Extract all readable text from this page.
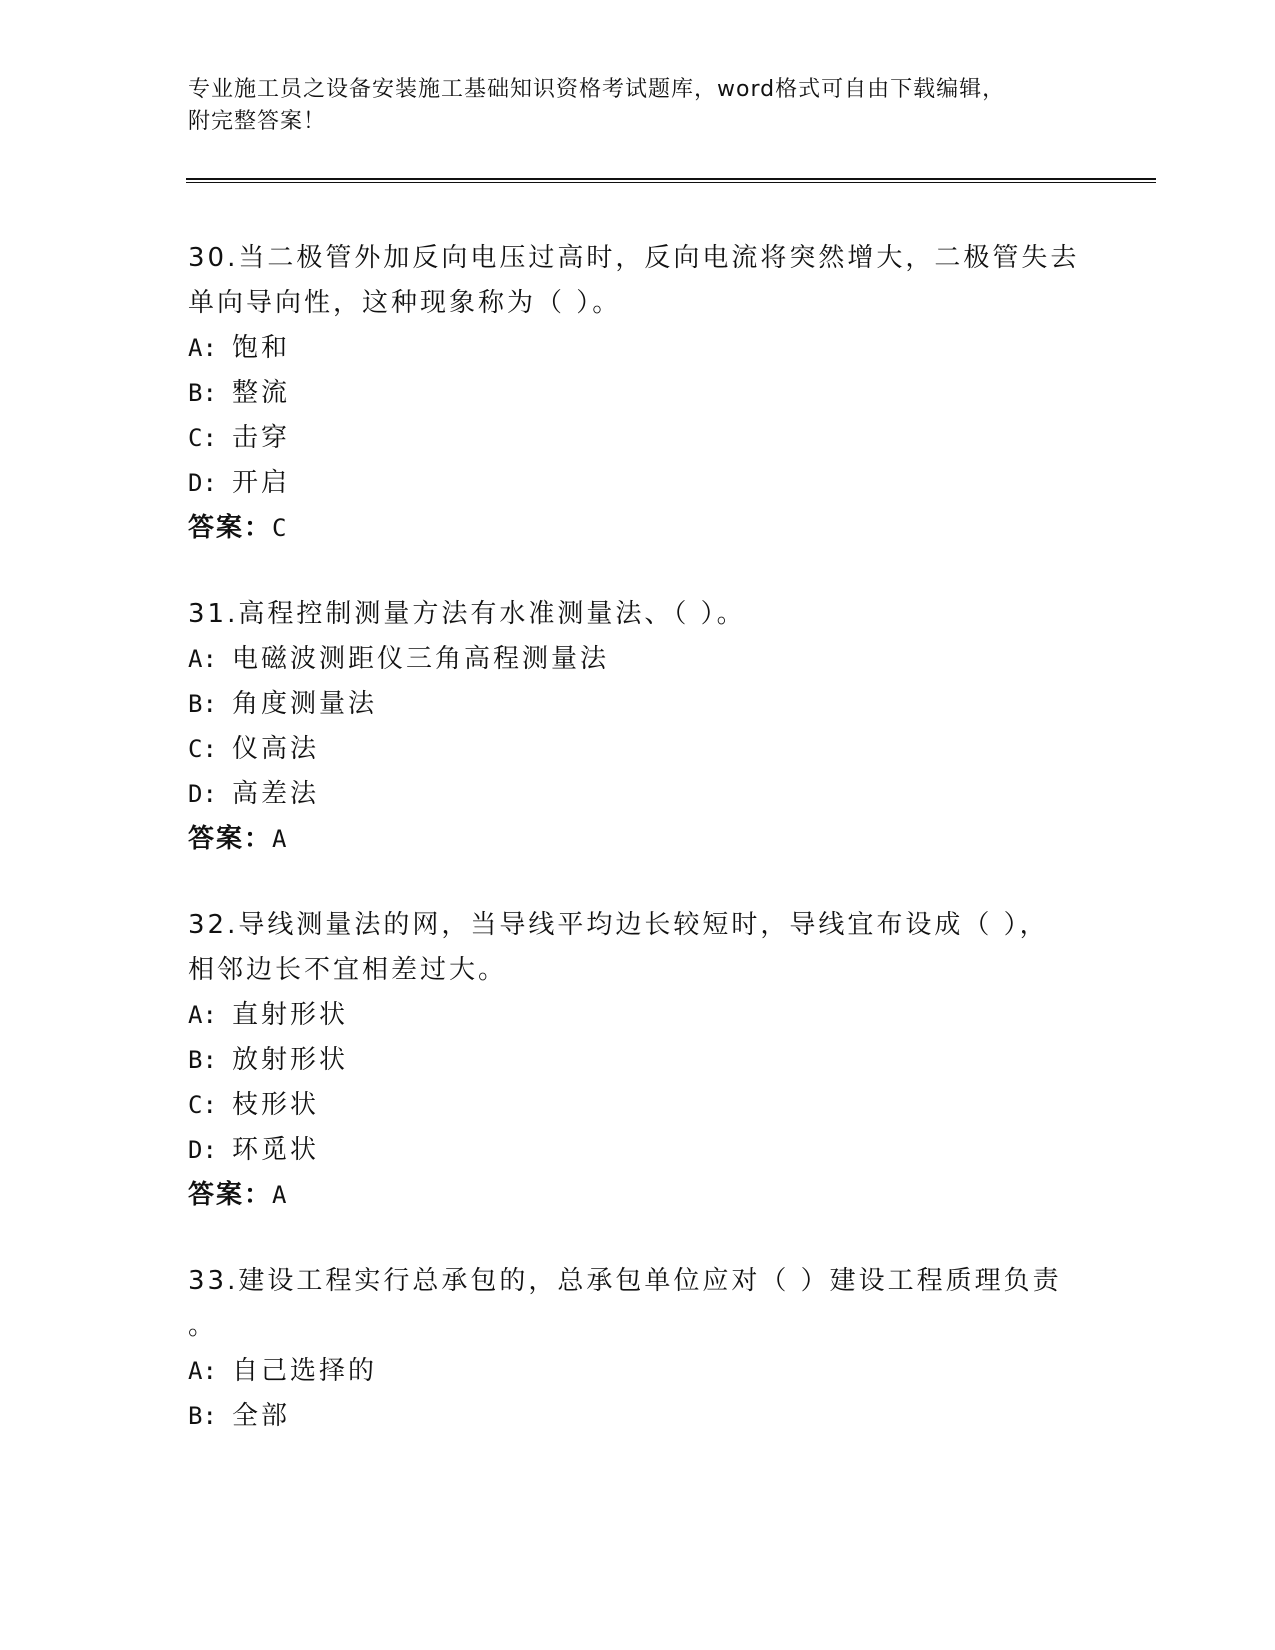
专业施工员之设备安装施工基础知识资格考试题库，word格式可自由下载编辑，
附完整答案！
30.当二极管外加反向电压过高时，反向电流将突然增大，二极管失去
单向导向性，这种现象称为（ ）。
A: 饱和
B: 整流
C: 击穿
D: 开启
答案：C
31.高程控制测量方法有水准测量法、（ ）。
A: 电磁波测距仪三角高程测量法
B: 角度测量法
C: 仪高法
D: 高差法
答案：A
32.导线测量法的网，当导线平均边长较短时，导线宜布设成（ ），
相邻边长不宜相差过大。
A: 直射形状
B: 放射形状
C: 枝形状
D: 环觅状
答案：A
33.建设工程实行总承包的，总承包单位应对（ ）建设工程质理负责
。
A: 自己选择的
B: 全部
